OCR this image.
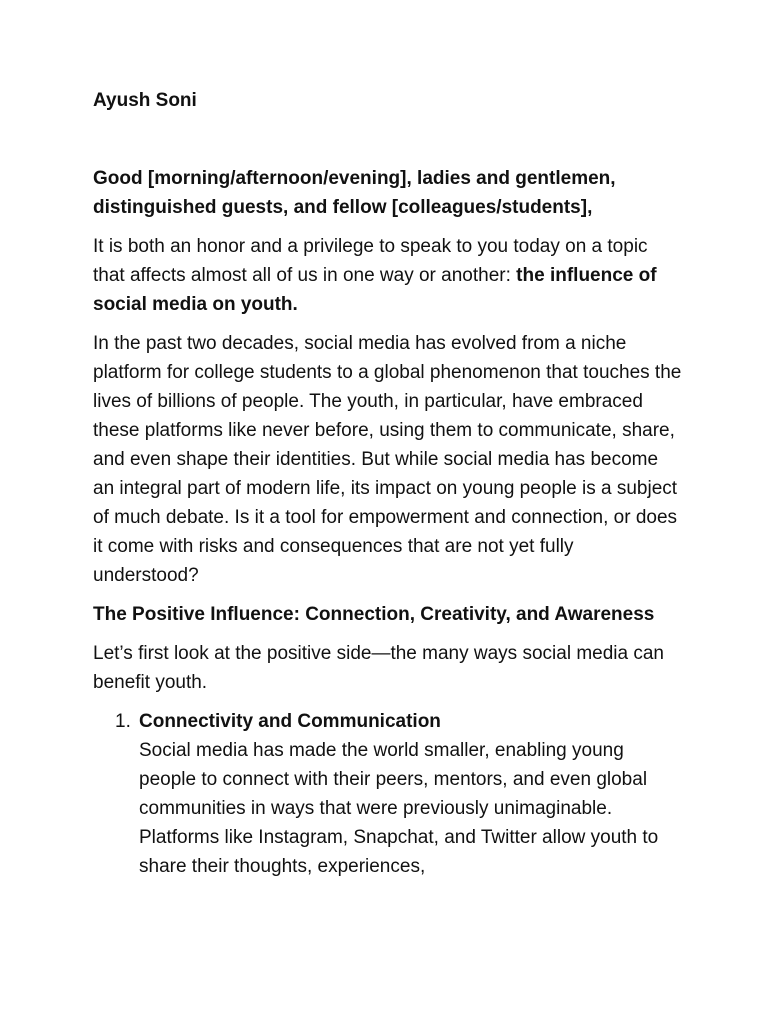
Ayush Soni

Good [morning/afternoon/evening], ladies and gentlemen, distinguished guests, and fellow [colleagues/students],

It is both an honor and a privilege to speak to you today on a topic that affects almost all of us in one way or another: the influence of social media on youth.

In the past two decades, social media has evolved from a niche platform for college students to a global phenomenon that touches the lives of billions of people. The youth, in particular, have embraced these platforms like never before, using them to communicate, share, and even shape their identities. But while social media has become an integral part of modern life, its impact on young people is a subject of much debate. Is it a tool for empowerment and connection, or does it come with risks and consequences that are not yet fully understood?

The Positive Influence: Connection, Creativity, and Awareness

Let’s first look at the positive side—the many ways social media can benefit youth.

1. Connectivity and Communication
Social media has made the world smaller, enabling young people to connect with their peers, mentors, and even global communities in ways that were previously unimaginable. Platforms like Instagram, Snapchat, and Twitter allow youth to share their thoughts, experiences,
